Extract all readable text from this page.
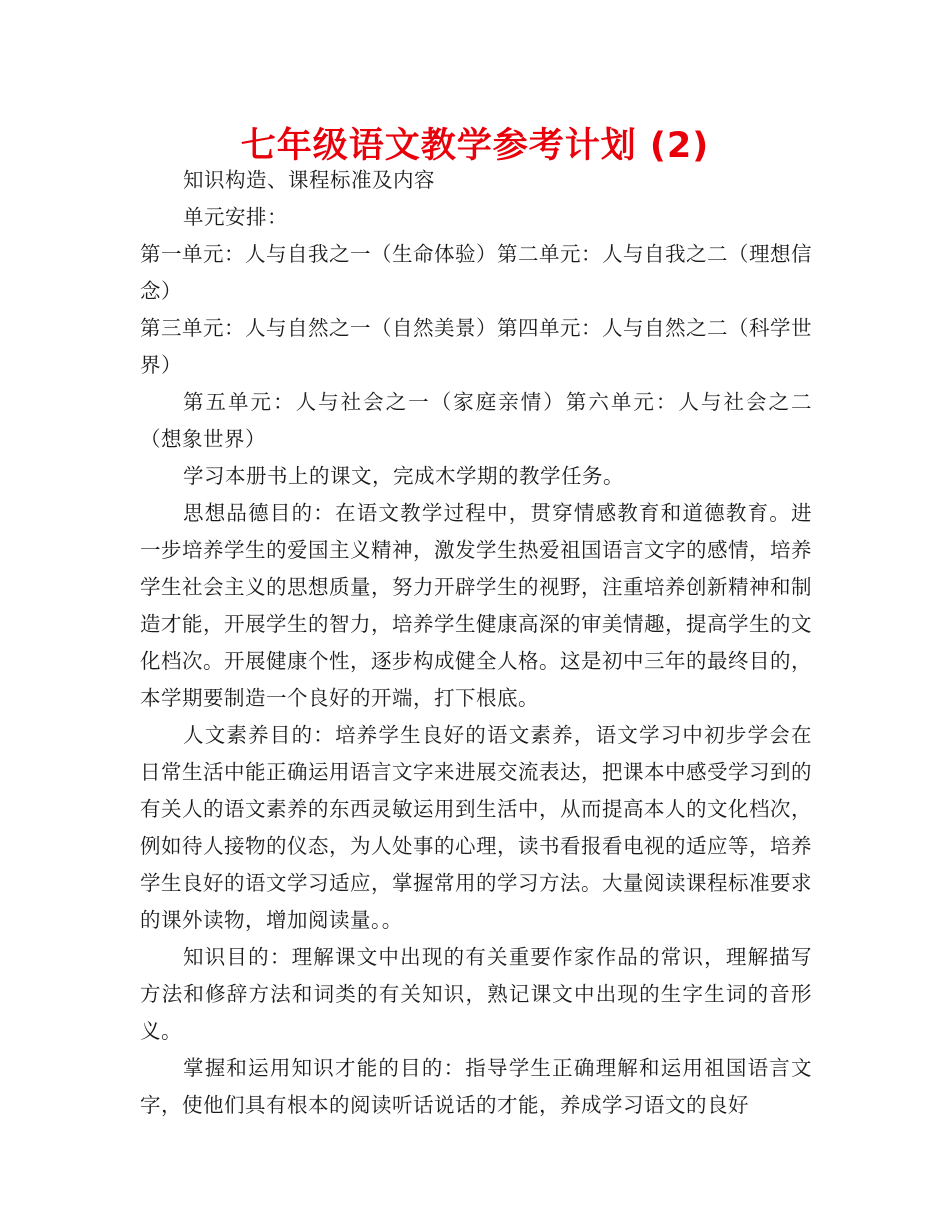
七年级语文教学参考计划 (2)

知识构造、课程标准及内容

单元安排：

第一单元：人与自我之一（生命体验）第二单元：人与自我之二（理想信念）

第三单元：人与自然之一（自然美景）第四单元：人与自然之二（科学世界）

第五单元：人与社会之一（家庭亲情）第六单元：人与社会之二（想象世界）

学习本册书上的课文，完成木学期的教学任务。

思想品德目的：在语文教学过程中，贯穿情感教育和道德教育。进一步培养学生的爱国主义精神，激发学生热爱祖国语言文字的感情，培养学生社会主义的思想质量，努力开辟学生的视野，注重培养创新精神和制造才能，开展学生的智力，培养学生健康高深的审美情趣，提高学生的文化档次。开展健康个性，逐步构成健全人格。这是初中三年的最终目的，本学期要制造一个良好的开端，打下根底。

人文素养目的：培养学生良好的语文素养，语文学习中初步学会在日常生活中能正确运用语言文字来进展交流表达，把课本中感受学习到的有关人的语文素养的东西灵敏运用到生活中，从而提高本人的文化档次，例如待人接物的仪态，为人处事的心理，读书看报看电视的适应等，培养学生良好的语文学习适应，掌握常用的学习方法。大量阅读课程标准要求的课外读物，增加阅读量。。

知识目的：理解课文中出现的有关重要作家作品的常识，理解描写方法和修辞方法和词类的有关知识，熟记课文中出现的生字生词的音形义。

掌握和运用知识才能的目的：指导学生正确理解和运用祖国语言文字，使他们具有根本的阅读听话说话的才能，养成学习语文的良好
